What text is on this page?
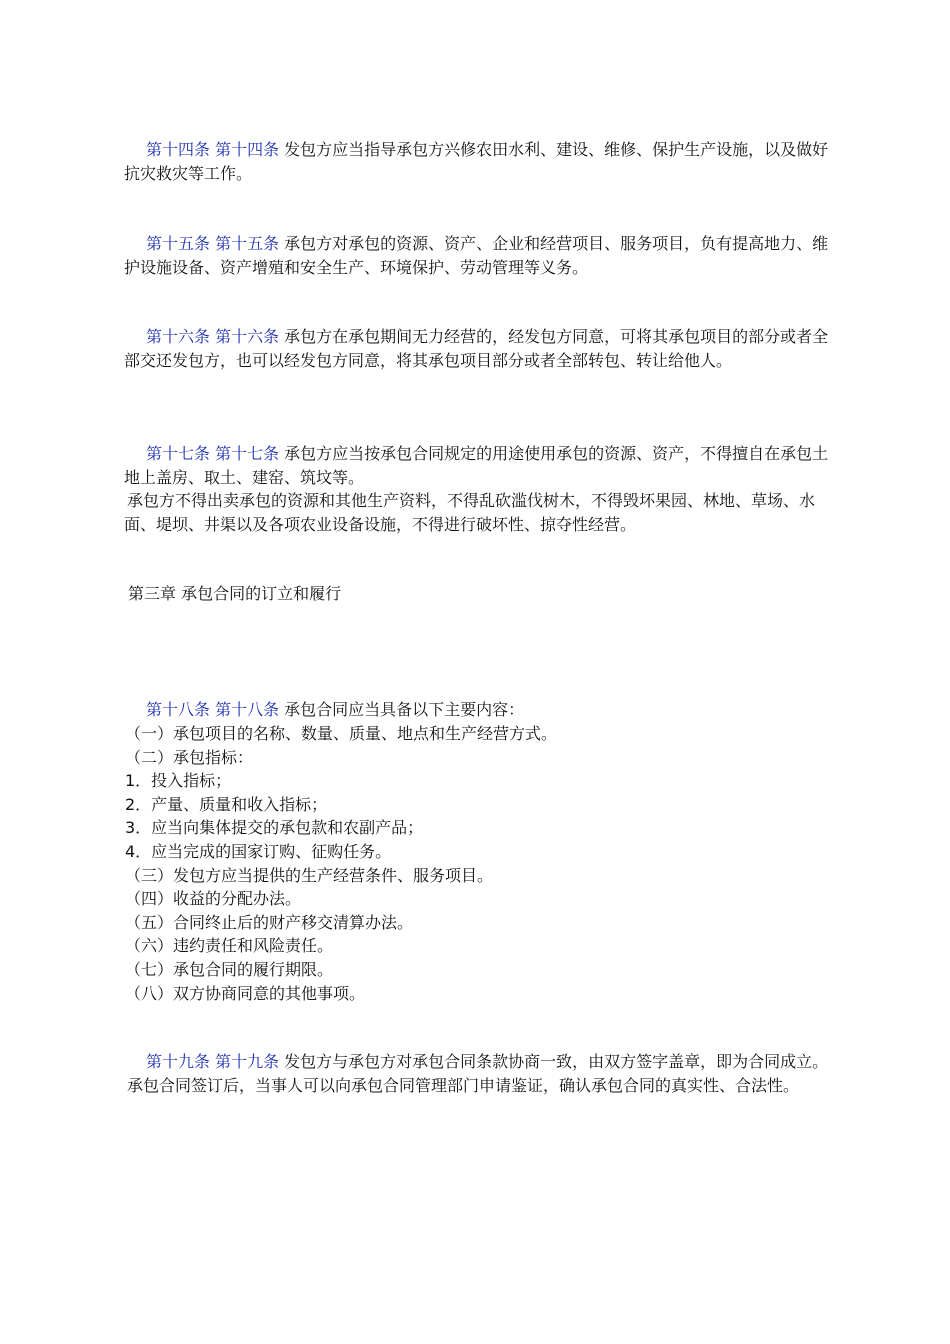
第十四条 第十四条 发包方应当指导承包方兴修农田水利、建设、维修、保护生产设施，以及做好抗灾救灾等工作。

第十五条 第十五条 承包方对承包的资源、资产、企业和经营项目、服务项目，负有提高地力、维护设施设备、资产增殖和安全生产、环境保护、劳动管理等义务。

第十六条 第十六条 承包方在承包期间无力经营的，经发包方同意，可将其承包项目的部分或者全部交还发包方，也可以经发包方同意，将其承包项目部分或者全部转包、转让给他人。

第十七条 第十七条 承包方应当按承包合同规定的用途使用承包的资源、资产，不得擅自在承包土地上盖房、取土、建窑、筑坟等。

承包方不得出卖承包的资源和其他生产资料，不得乱砍滥伐树木，不得毁坏果园、林地、草场、水面、堤坝、井渠以及各项农业设备设施，不得进行破坏性、掠夺性经营。

第三章 承包合同的订立和履行

第十八条 第十八条 承包合同应当具备以下主要内容：

（一）承包项目的名称、数量、质量、地点和生产经营方式。

（二）承包指标：

1．投入指标；

2．产量、质量和收入指标；

3．应当向集体提交的承包款和农副产品；

4．应当完成的国家订购、征购任务。

（三）发包方应当提供的生产经营条件、服务项目。

（四）收益的分配办法。

（五）合同终止后的财产移交清算办法。

（六）违约责任和风险责任。

（七）承包合同的履行期限。

（八）双方协商同意的其他事项。

第十九条 第十九条 发包方与承包方对承包合同条款协商一致，由双方签字盖章，即为合同成立。

承包合同签订后，当事人可以向承包合同管理部门申请鉴证，确认承包合同的真实性、合法性。
